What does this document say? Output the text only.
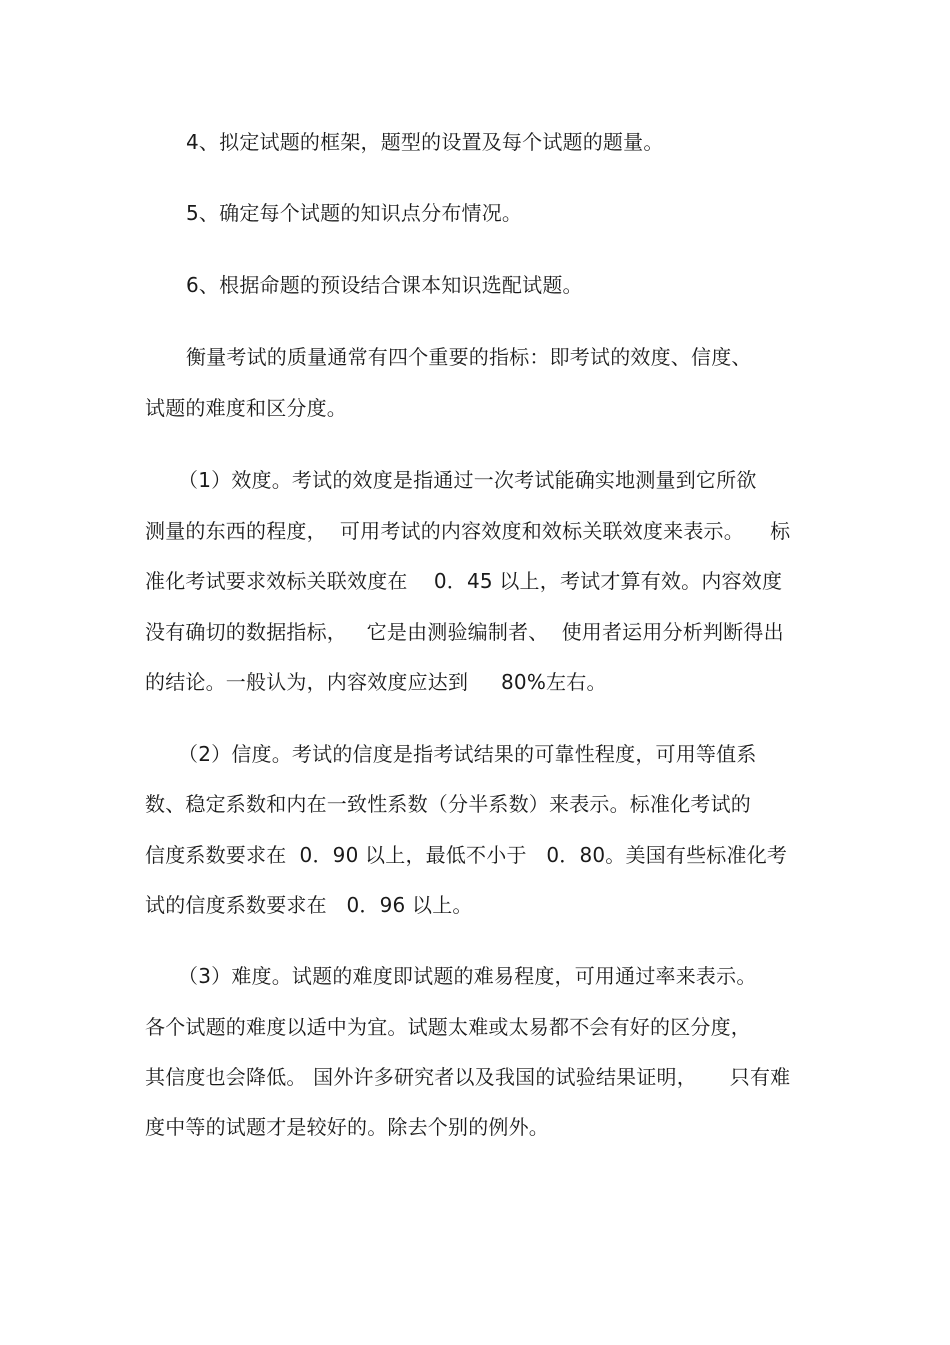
4、拟定试题的框架，题型的设置及每个试题的题量。
5、确定每个试题的知识点分布情况。
6、根据命题的预设结合课本知识选配试题。
衡量考试的质量通常有四个重要的指标：即考试的效度、信度、
试题的难度和区分度。
（1）效度。考试的效度是指通过一次考试能确实地测量到它所欲
测量的东西的程度，  可用考试的内容效度和效标关联效度来表示。    标
准化考试要求效标关联效度在    0．45 以上，考试才算有效。内容效度
没有确切的数据指标，   它是由测验编制者、  使用者运用分析判断得出
的结论。一般认为，内容效度应达到     80%左右。
（2）信度。考试的信度是指考试结果的可靠性程度，可用等值系
数、稳定系数和内在一致性系数（分半系数）来表示。标准化考试的
信度系数要求在  0．90 以上，最低不小于   0．80。美国有些标准化考
试的信度系数要求在   0．96 以上。
（3）难度。试题的难度即试题的难易程度，可用通过率来表示。
各个试题的难度以适中为宜。试题太难或太易都不会有好的区分度，
其信度也会降低。 国外许多研究者以及我国的试验结果证明，     只有难
度中等的试题才是较好的。除去个别的例外。
